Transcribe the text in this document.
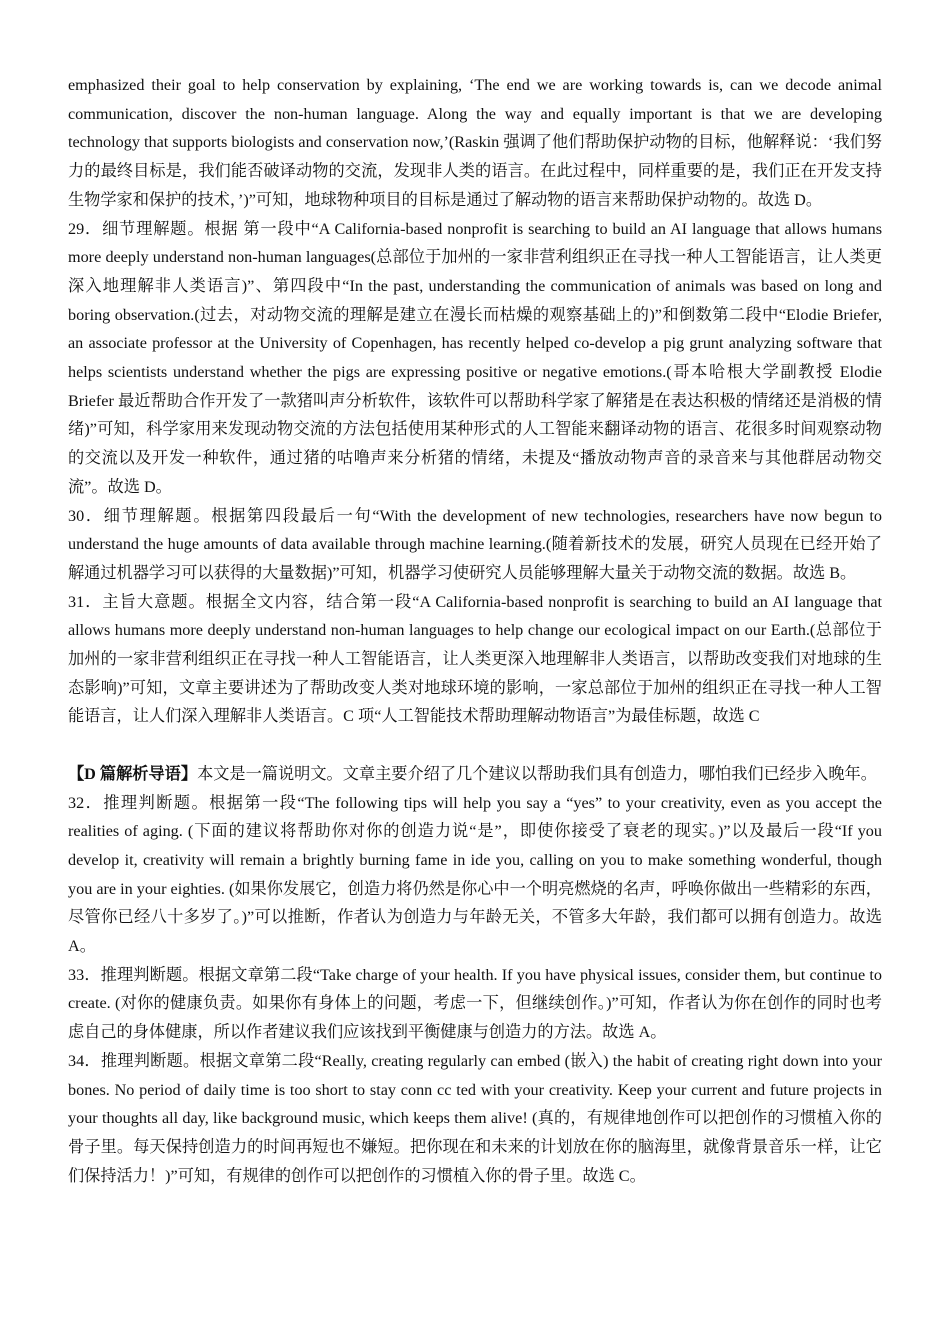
emphasized their goal to help conservation by explaining, ‘The end we are working towards is, can we decode animal communication, discover the non-human language. Along the way and equally important is that we are developing technology that supports biologists and conservation now,’(Raskin 强调了他们帮助保护动物的目标，他解释说：‘我们努力的最终目标是，我们能否破译动物的交流，发现非人类的语言。在此过程中，同样重要的是，我们正在开发支持生物学家和保护的技术，’)”可知，地球物种项目的目标是通过了解动物的语言来帮助保护动物的。故选 D。

29．细节理解题。根据 第一段中“A California-based nonprofit is searching to build an AI language that allows humans more deeply understand non-human languages(总部位于加州的一家非营利组织正在寻找一种人工智能语言，让人类更深入地理解非人类语言)”、第四段中“In the past, understanding the communication of animals was based on long and boring observation.(过去，对动物交流的理解是建立在漫长而枯燥的观察基础上的)”和倒数第二段中“Elodie Briefer, an associate professor at the University of Copenhagen, has recently helped co-develop a pig grunt analyzing software that helps scientists understand whether the pigs are expressing positive or negative emotions.(哥本哈根大学副教授 Elodie Briefer 最近帮助合作开发了一款猪叫声分析软件，该软件可以帮助科学家了解猪是在表达积极的情绪还是消极的情绪)”可知，科学家用来发现动物交流的方法包括使用某种形式的人工智能来翻译动物的语言、花很多时间观察动物的交流以及开发一种软件，通过猪的咕噜声来分析猪的情绪，未提及“播放动物声音的录音来与其他群居动物交流”。故选 D。

30．细节理解题。根据第四段最后一句“With the development of new technologies, researchers have now begun to understand the huge amounts of data available through machine learning.(随着新技术的发展，研究人员现在已经开始了解通过机器学习可以获得的大量数据)”可知，机器学习使研究人员能够理解大量关于动物交流的数据。故选 B。

31．主旨大意题。根据全文内容，结合第一段“A California-based nonprofit is searching to build an AI language that allows humans more deeply understand non-human languages to help change our ecological impact on our Earth.(总部位于加州的一家非营利组织正在寻找一种人工智能语言，让人类更深入地理解非人类语言，以帮助改变我们对地球的生态影响)”可知，文章主要讲述为了帮助改变人类对地球环境的影响，一家总部位于加州的组织正在寻找一种人工智能语言，让人们深入理解非人类语言。C 项“人工智能技术帮助理解动物语言”为最佳标题，故选 C

【D 篇解析导语】本文是一篇说明文。文章主要介绍了几个建议以帮助我们具有创造力，哪怕我们已经步入晚年。

32．推理判断题。根据第一段“The following tips will help you say a “yes” to your creativity, even as you accept the realities of aging. (下面的建议将帮助你对你的创造力说“是”，即使你接受了衰老的现实。)”以及最后一段“If you develop it, creativity will remain a brightly burning fame in ide you, calling on you to make something wonderful, though you are in your eighties. (如果你发展它，创造力将仍然是你心中一个明亮燃烧的名声，呼唤你做出一些精彩的东西，尽管你已经八十多岁了。)”可以推断，作者认为创造力与年龄无关，不管多大年龄，我们都可以拥有创造力。故选 A。

33．推理判断题。根据文章第二段“Take charge of your health. If you have physical issues, consider them, but continue to create. (对你的健康负责。如果你有身体上的问题，考虑一下，但继续创作。)”可知，作者认为你在创作的同时也考虑自己的身体健康，所以作者建议我们应该找到平衡健康与创造力的方法。故选 A。

34．推理判断题。根据文章第二段“Really, creating regularly can embed (嵌入) the habit of creating right down into your bones. No period of daily time is too short to stay conn cc ted with your creativity. Keep your current and future projects in your thoughts all day, like background music, which keeps them alive! (真的，有规律地创作可以把创作的习惯植入你的骨子里。每天保持创造力的时间再短也不嫌短。把你现在和未来的计划放在你的脑海里，就像背景音乐一样，让它们保持活力！)”可知，有规律的创作可以把创作的习惯植入你的骨子里。故选 C。
